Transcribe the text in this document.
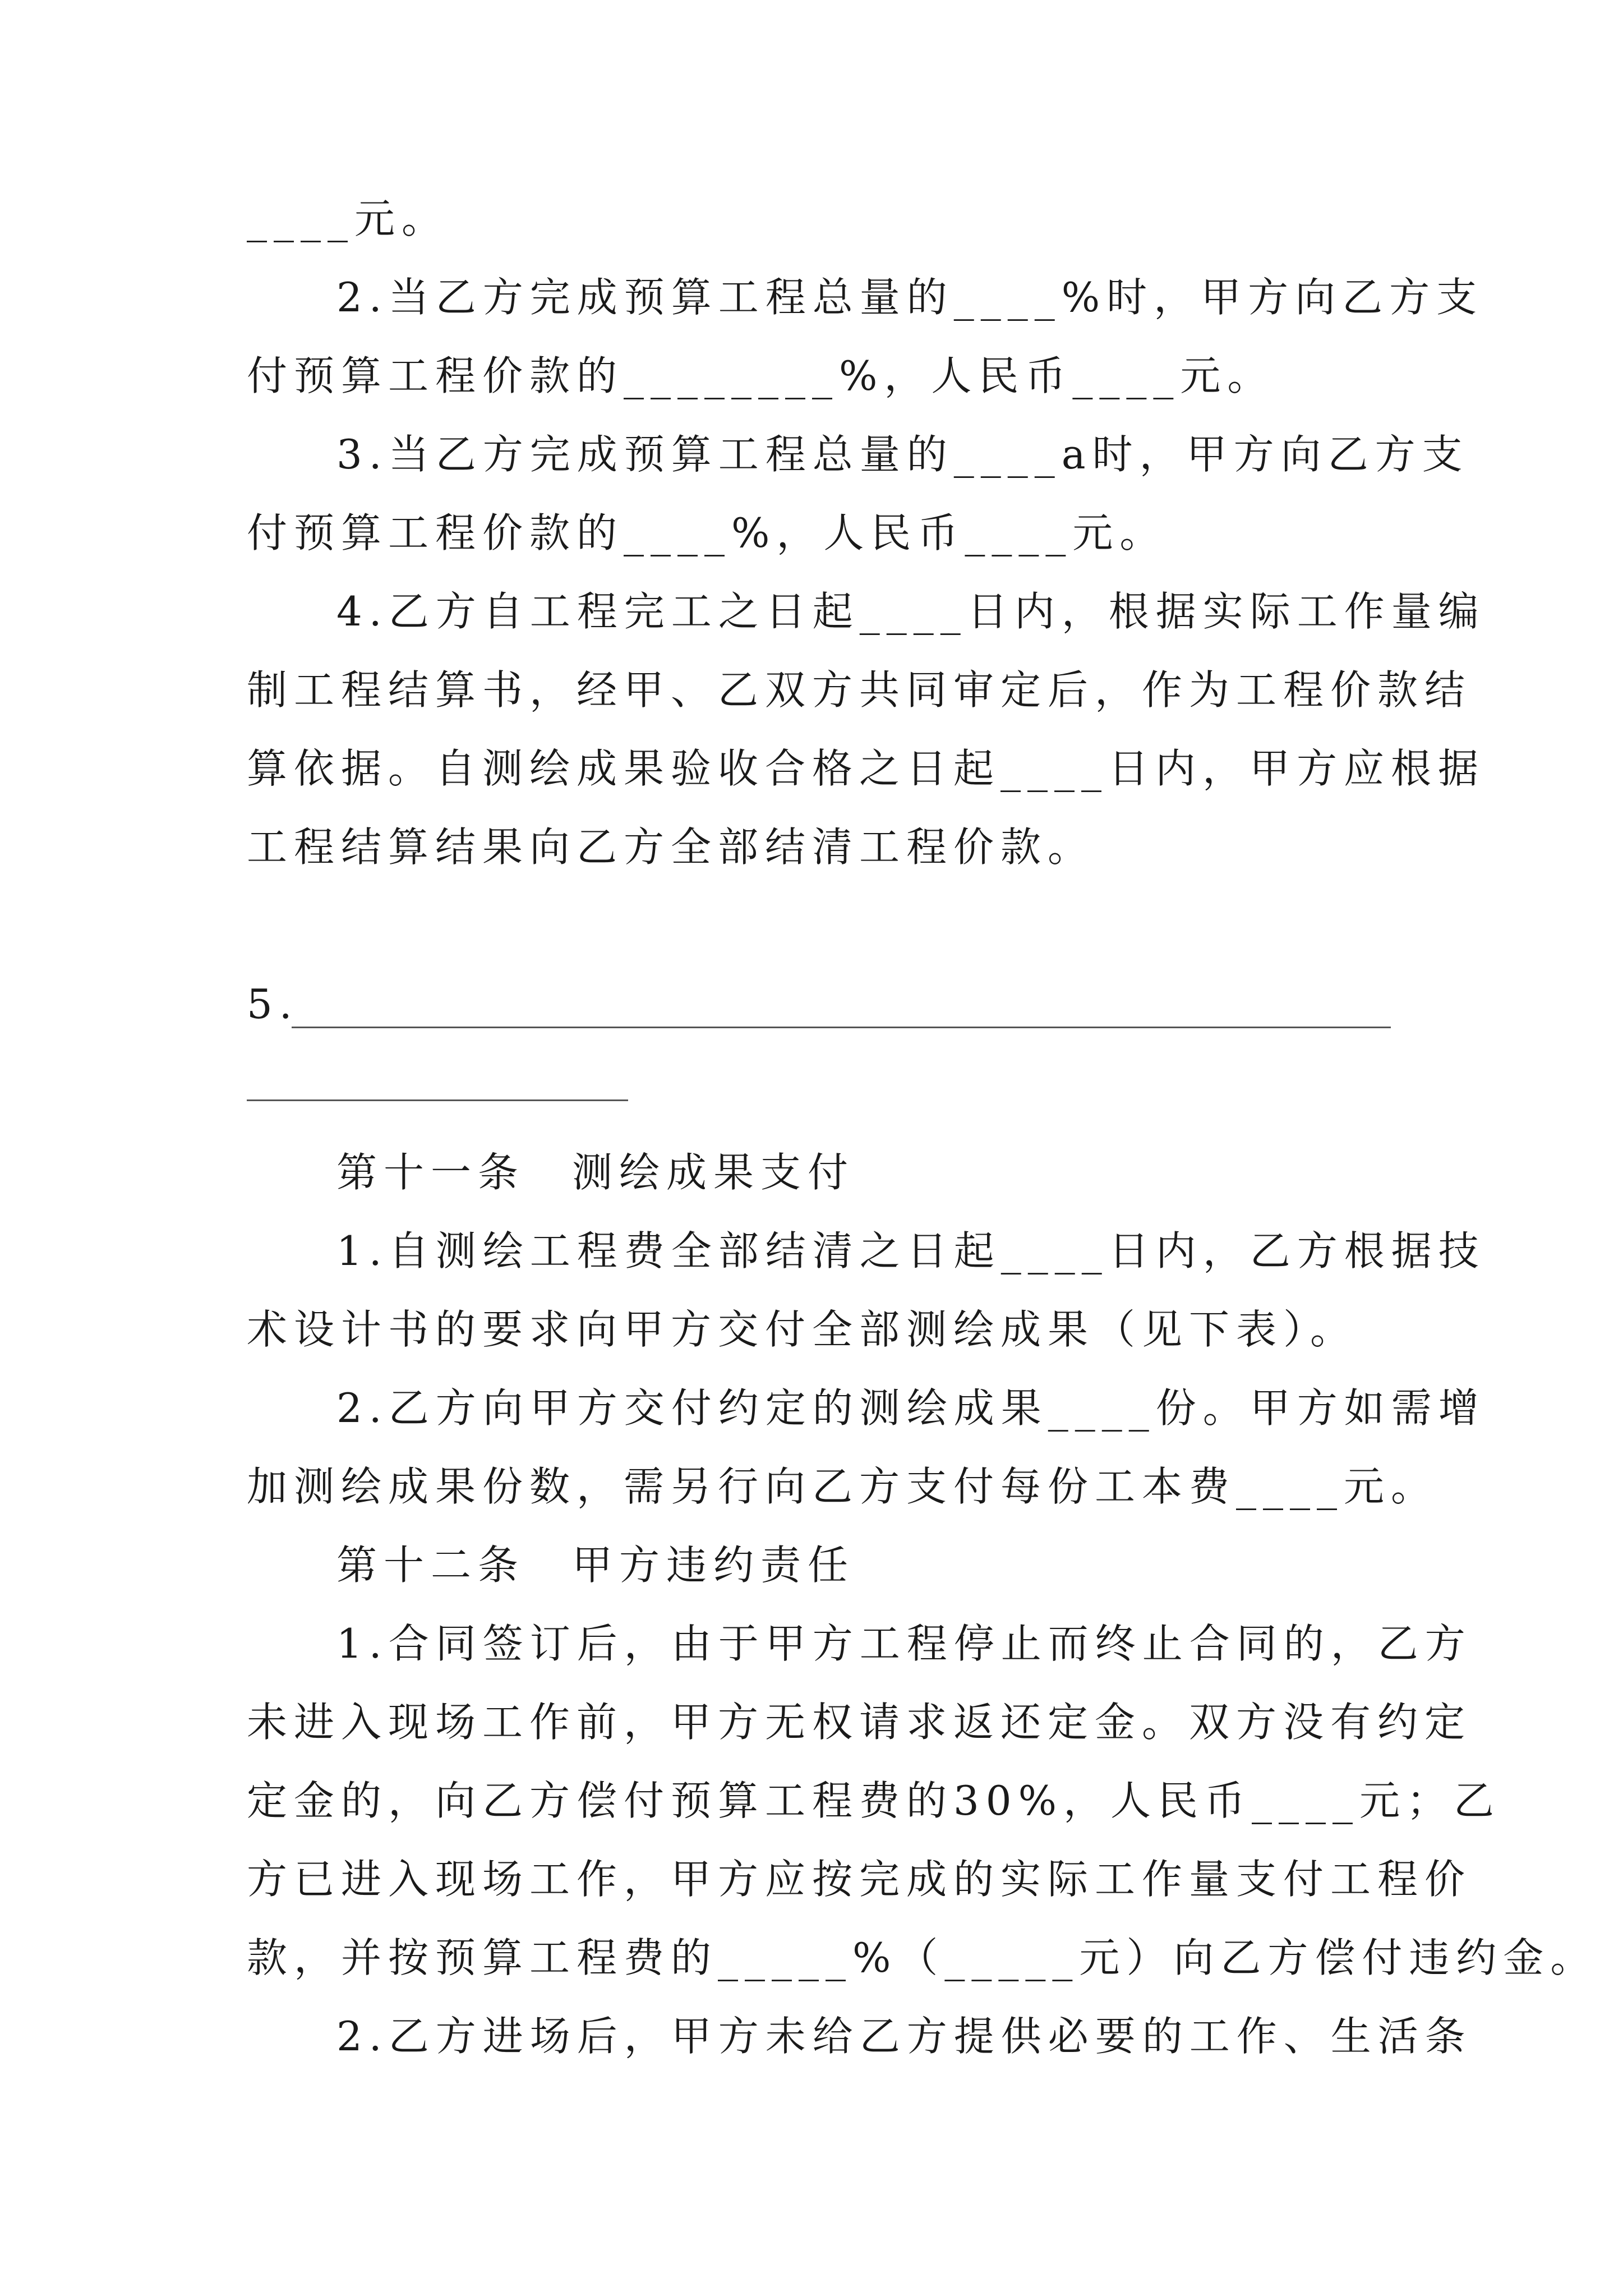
____元。
2.当乙方完成预算工程总量的____%时，甲方向乙方支
付预算工程价款的________%，人民币____元。
3.当乙方完成预算工程总量的____a时，甲方向乙方支
付预算工程价款的____%，人民币____元。
4.乙方自工程完工之日起____日内，根据实际工作量编
制工程结算书，经甲、乙双方共同审定后，作为工程价款结
算依据。自测绘成果验收合格之日起____日内，甲方应根据
工程结算结果向乙方全部结清工程价款。
5.
第十一条　测绘成果支付
1.自测绘工程费全部结清之日起____日内，乙方根据技
术设计书的要求向甲方交付全部测绘成果（见下表）。
2.乙方向甲方交付约定的测绘成果____份。甲方如需增
加测绘成果份数，需另行向乙方支付每份工本费____元。
第十二条　甲方违约责任
1.合同签订后，由于甲方工程停止而终止合同的，乙方
未进入现场工作前，甲方无权请求返还定金。双方没有约定
定金的，向乙方偿付预算工程费的30%，人民币____元；乙
方已进入现场工作，甲方应按完成的实际工作量支付工程价
款，并按预算工程费的_____%（_____元）向乙方偿付违约金。
2.乙方进场后，甲方未给乙方提供必要的工作、生活条
